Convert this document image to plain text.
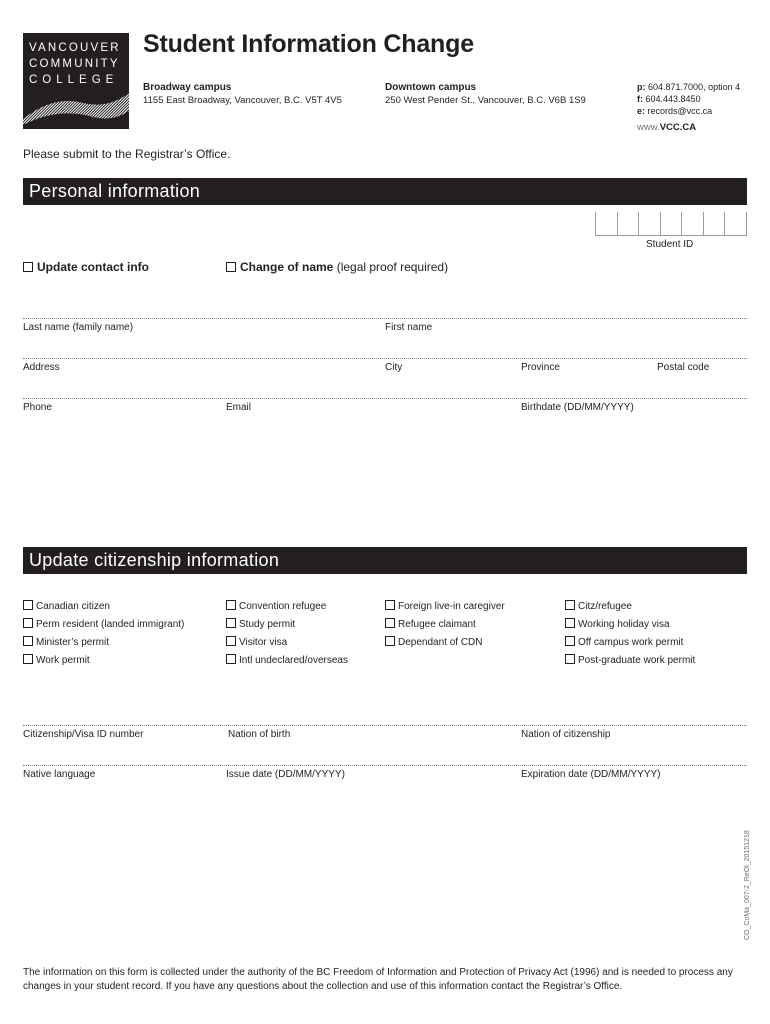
VANCOUVER
COMMUNITY
COLLEGE
Student Information Change
Broadway campus
1155 East Broadway, Vancouver, B.C. V5T 4V5
Downtown campus
250 West Pender St., Vancouver, B.C. V6B 1S9
p: 604.871.7000, option 4
f: 604.443.8450
e: records@vcc.ca
www.VCC.CA
Please submit to the Registrar’s Office.
Personal information
Student ID
Update contact info	Change of name (legal proof required)
Last name (family name)	First name
Address	City	Province	Postal code
Phone	Email	Birthdate (DD/MM/YYYY)
Update citizenship information
Canadian citizen
Perm resident (landed immigrant)
Minister’s permit
Work permit
Convention refugee
Study permit
Visitor visa
Intl undeclared/overseas
Foreign live-in caregiver
Refugee claimant
Dependant of CDN
Citz/refugee
Working holiday visa
Off campus work permit
Post-graduate work permit
Citizenship/Visa ID number	Nation of birth	Nation of citizenship
Native language	Issue date (DD/MM/YYYY)	Expiration date (DD/MM/YYYY)
CO_CoMa_007-2_ReOl_20151218
The information on this form is collected under the authority of the BC Freedom of Information and Protection of Privacy Act (1996) and is needed to process any changes in your student record. If you have any questions about the collection and use of this information contact the Registrar’s Office.
